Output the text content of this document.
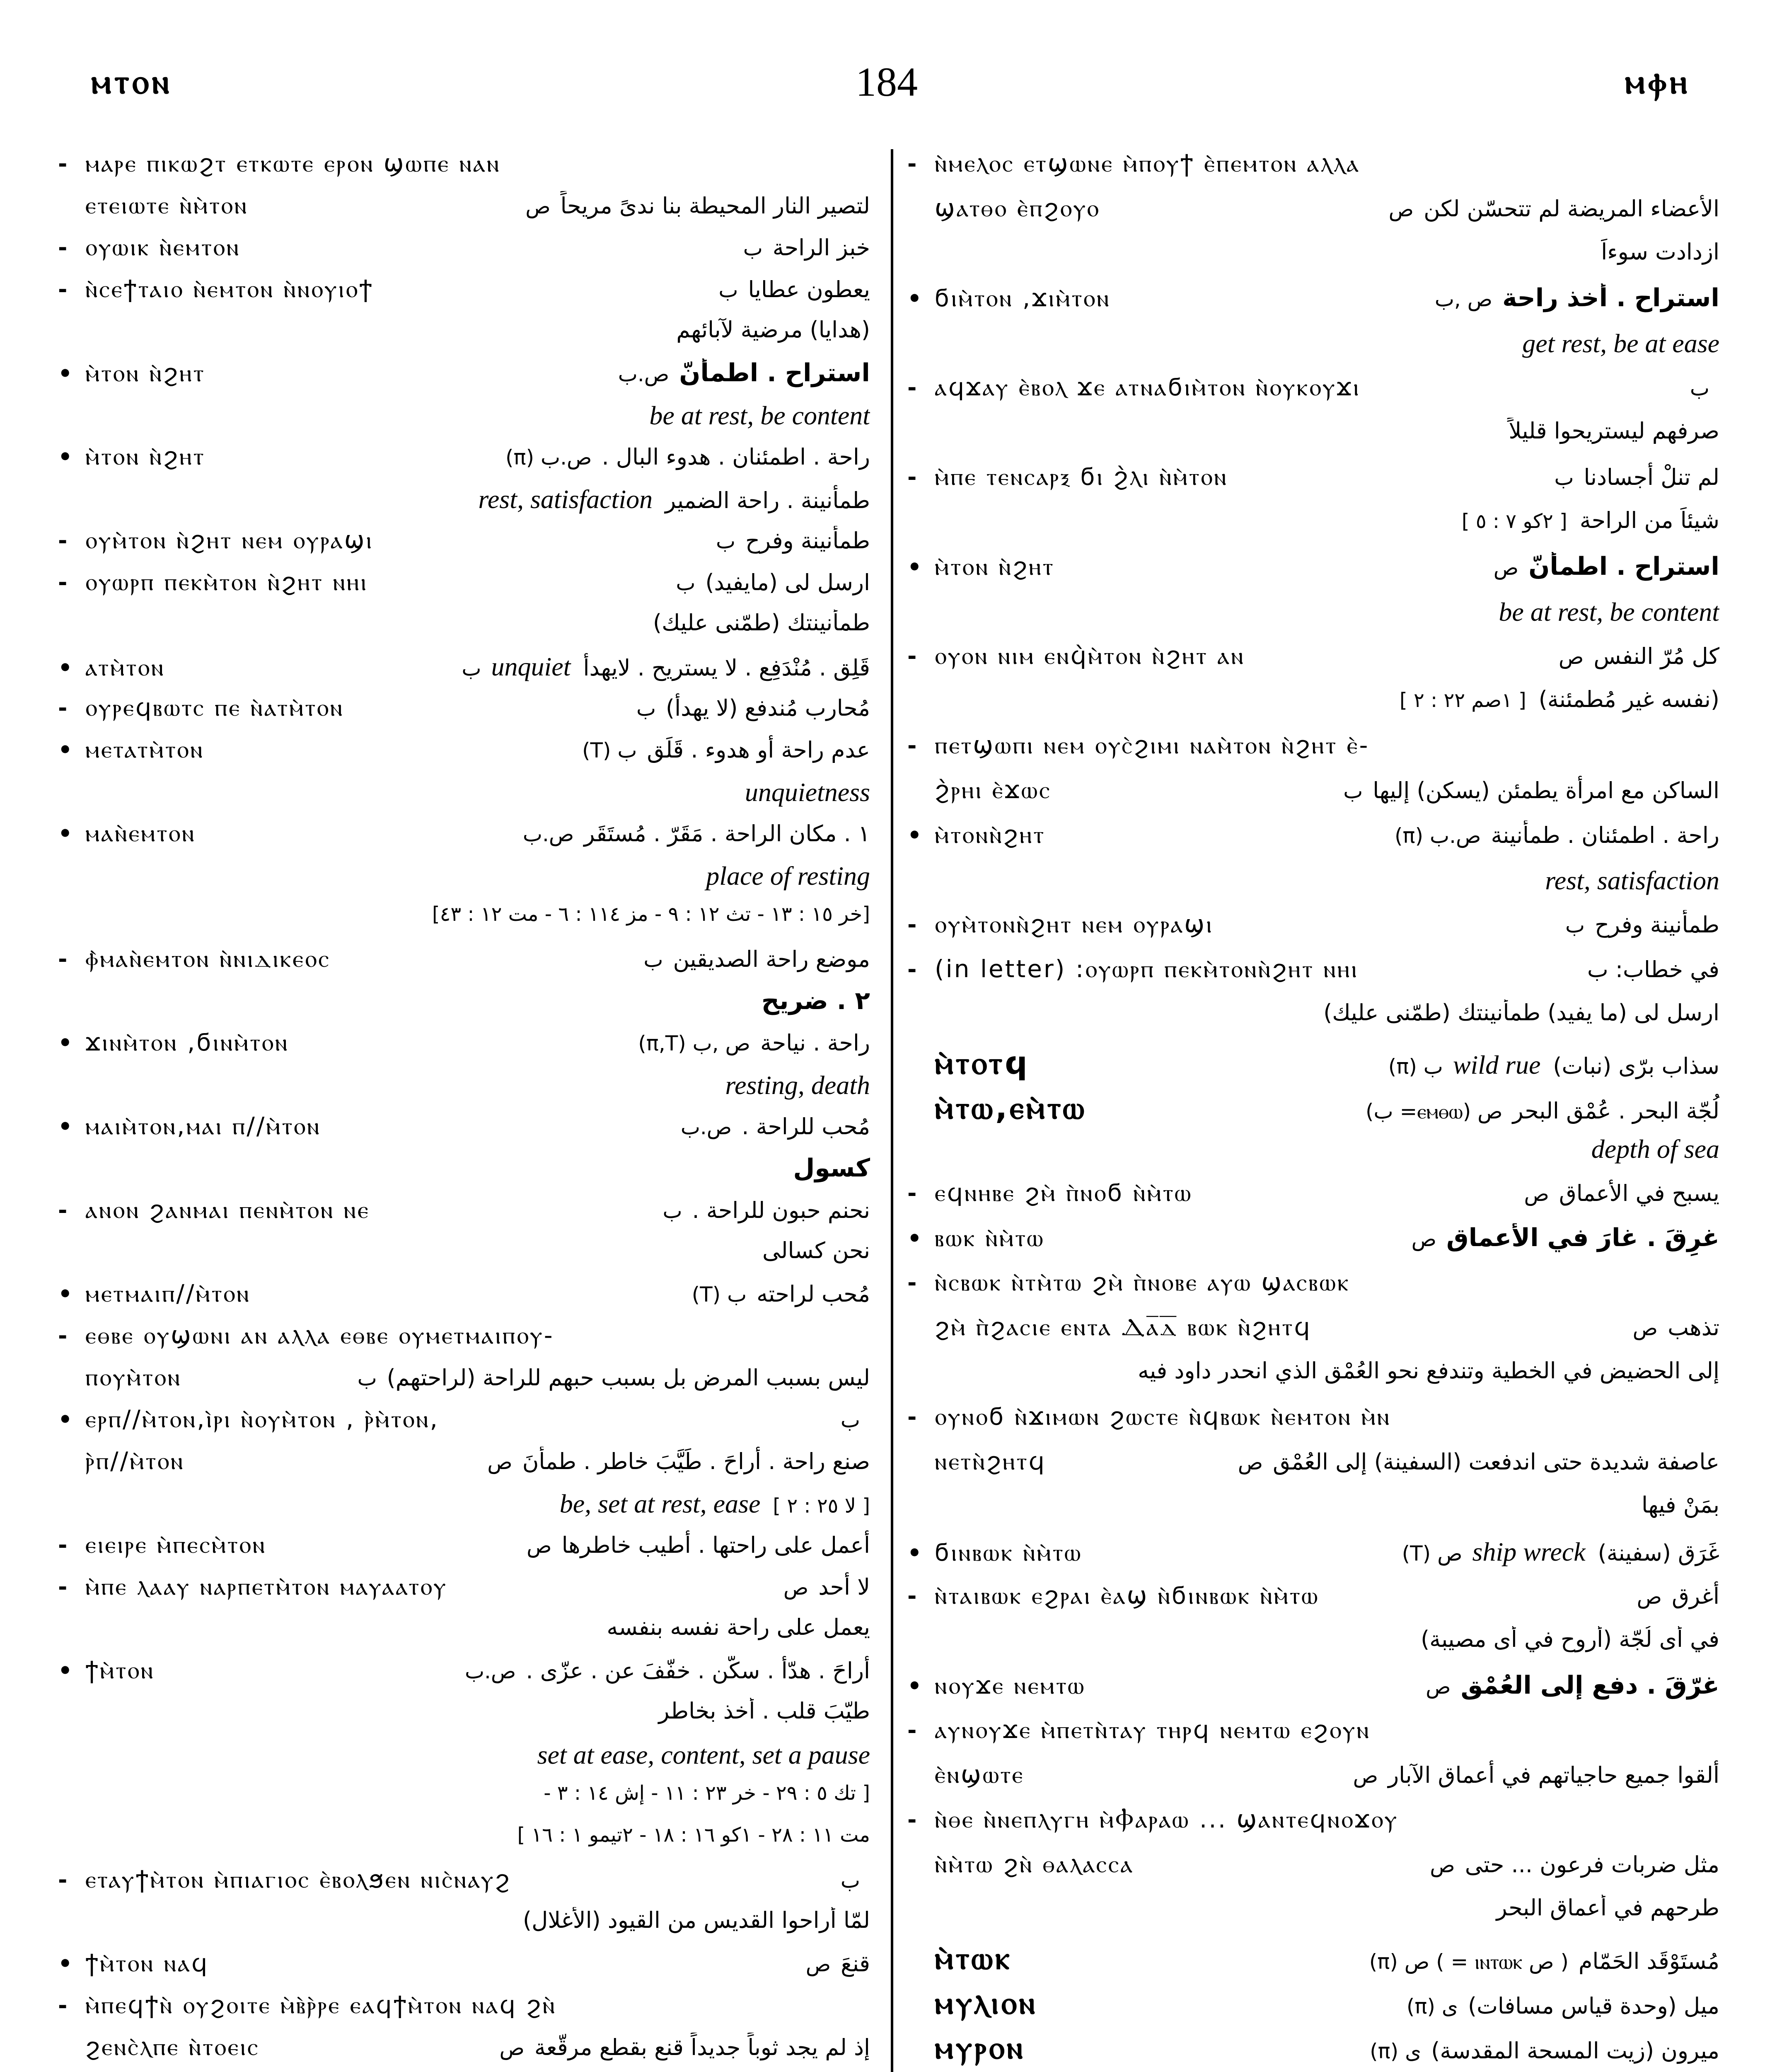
ⲙⲧⲟⲛ	184	ⲙⲫⲏ
- ⲙⲁⲣⲉ ⲡⲓⲕⲱϩⲧ ⲉⲧⲕⲱⲧⲉ ⲉⲣⲟⲛ ϣⲱⲡⲉ ⲛⲁⲛ
ⲉⲧⲉⲓⲱⲧⲉ ⲛ̀ⲙ̀ⲧⲟⲛ	ص لتصير النار المحيطة بنا ندىً مريحاً
- ⲟⲩⲱⲓⲕ ⲛ̀ⲉⲙⲧⲟⲛ	ب خبز الراحة
- ⲛ̀ⲥⲉϯⲧⲁⲓⲟ ⲛ̀ⲉⲙⲧⲟⲛ ⲛ̀ⲛⲟⲩⲓⲟϯ	ب يعطون عطايا
(هدايا) مرضية لآبائهم
• ⲙ̀ⲧⲟⲛ ⲛ̀ϩⲏⲧ	ص.ب استراح . اطمأنّ
be at rest, be content
• ⲙ̀ⲧⲟⲛ ⲛ̀ϩⲏⲧ	(π) ص.ب راحة . اطمئنان . هدوء البال .
rest, satisfaction طمأنينة . راحة الضمير
- ⲟⲩⲙ̀ⲧⲟⲛ ⲛ̀ϩⲏⲧ ⲛⲉⲙ ⲟⲩⲣⲁϣⲓ	ب طمأنينة وفرح
- ⲟⲩⲱⲣⲡ ⲡⲉⲕⲙ̀ⲧⲟⲛ ⲛ̀ϩⲏⲧ ⲛⲏⲓ	ب ارسل لى (مايفيد)
طمأنينتك (طمّنى عليك)
• ⲁⲧⲙ̀ⲧⲟⲛ	ب unquiet قَلِق . مُنْدَفِع . لا يستريح . لايهدأ
- ⲟⲩⲣⲉϥⲃⲱⲧⲥ ⲡⲉ ⲛ̀ⲁⲧⲙ̀ⲧⲟⲛ	ب مُحارب مُندفع (لا يهدأ)
• ⲙⲉⲧⲁⲧⲙ̀ⲧⲟⲛ	(T) ب عدم راحة أو هدوء . قَلَق
unquietness
• ⲙⲁⲛ̀ⲉⲙⲧⲟⲛ	ص.ب ١ . مكان الراحة . مَقَرّ . مُستَقَر
place of resting
[خر ١٥ : ١٣ - تث ١٢ : ٩ - مز ١١٤ : ٦ - مت ١٢ : ٤٣]
- ⲫ̀ⲙⲁⲛ̀ⲉⲙⲧⲟⲛ ⲛ̀ⲛⲓⲇⲓⲕⲉⲟⲥ	ب موضع راحة الصديقين
٢ . ضريح
• ϫⲓⲛⲙ̀ⲧⲟⲛ ,ϭⲓⲛⲙ̀ⲧⲟⲛ	(π,T) ص ,ب راحة . نياحة
resting, death
• ⲙⲁⲓⲙ̀ⲧⲟⲛ,ⲙⲁⲓ ⲡ//ⲙ̀ⲧⲟⲛ	ص.ب مُحب للراحة .
كسول
- ⲁⲛⲟⲛ ϩⲁⲛⲙⲁⲓ ⲡⲉⲛⲙ̀ⲧⲟⲛ ⲛⲉ	ب نحنم حبون للراحة .
نحن كسالى
• ⲙⲉⲧⲙⲁⲓⲡ//ⲙ̀ⲧⲟⲛ	(T) ب مُحب لراحته
- ⲉⲑⲃⲉ ⲟⲩϣⲱⲛⲓ ⲁⲛ ⲁⲗⲗⲁ ⲉⲑⲃⲉ ⲟⲩⲙⲉⲧⲙⲁⲓⲡⲟⲩ-
ⲡⲟⲩⲙ̀ⲧⲟⲛ	ب ليس بسبب المرض بل بسبب حبهم للراحة (لراحتهم)
• ⲉⲣⲡ//ⲙ̀ⲧⲟⲛ,ⲓ̀ⲣⲓ ⲛ̀ⲟⲩⲙ̀ⲧⲟⲛ , ⲣ̀ⲙ̀ⲧⲟⲛ,	ب
ⲣ̀ⲡ//ⲙ̀ⲧⲟⲛ	ص صنع راحة . أراحَ . طَيَّبَ خاطر . طمأنَ
be, set at rest, ease [ لا ٢٥ : ٢ ]
- ⲉⲓⲉⲓⲣⲉ ⲙ̀ⲡⲉⲥⲙ̀ⲧⲟⲛ	ص أعمل على راحتها . أطيب خاطرها
- ⲙ̀ⲡⲉ ⲗⲁⲁⲩ ⲛⲁⲣⲡⲉⲧⲙ̀ⲧⲟⲛ ⲙⲁⲩⲁⲁⲧⲟⲩ	ص لا أحد
يعمل على راحة نفسه بنفسه
• ϯⲙ̀ⲧⲟⲛ	ص.ب أراحَ . هدّأ . سكّن . خفّفَ عن . عزّى .
طيّبَ قلب . أخذ بخاطر
set at ease, content, set a pause
[ تك ٥ : ٢٩ - خر ٢٣ : ١١ - إش ١٤ : ٣ -
مت ١١ : ٢٨ - ١كو ١٦ : ١٨ - ٢تيمو ١ : ١٦ ]
- ⲉⲧⲁⲩϯⲙ̀ⲧⲟⲛ ⲙ̀ⲡⲓⲁⲅⲓⲟⲥ ⲉ̀ⲃⲟⲗϧⲉⲛ ⲛⲓⲥ̀ⲛⲁⲩϩ	ب
لمّا أراحوا القديس من القيود (الأغلال)
• ϯⲙ̀ⲧⲟⲛ ⲛⲁϥ	ص قنعَ
- ⲙ̀ⲡⲉϥϯⲛ̀ ⲟⲩϩⲟⲓⲧⲉ ⲙ̀ⲃ̀ⲣ̀ⲣⲉ ⲉⲁϥϯⲙ̀ⲧⲟⲛ ⲛⲁϥ ϩⲛ̀
ϩⲉⲛⲥ̀ⲗⲡⲉ ⲛ̀ⲧⲟⲉⲓⲥ	ص إذ لم يجد ثوباً جديداً قنع بقطع مرقّعة
- ⲛ̀ⲙⲉⲗⲟⲥ ⲉⲧϣⲱⲛⲉ ⲙ̀ⲡⲟⲩϯ ⲉ̀ⲡⲉⲙⲧⲟⲛ ⲁⲗⲗⲁ
ϣⲁⲧⲑⲟ ⲉ̀ⲡϩⲟⲩⲟ	ص الأعضاء المريضة لم تتحسّن لكن
ازدادت سوءاً
• ϭⲓⲙ̀ⲧⲟⲛ ,ϫⲓⲙ̀ⲧⲟⲛ	ص ,ب استراح . أخذ راحة
get rest, be at ease
- ⲁϥϫⲁⲩ ⲉ̀ⲃⲟⲗ ϫⲉ ⲁⲧⲛⲁϭⲓⲙ̀ⲧⲟⲛ ⲛ̀ⲟⲩⲕⲟⲩϫⲓ	ب
صرفهم ليستريحوا قليلاً
- ⲙ̀ⲡⲉ ⲧⲉⲛⲥⲁⲣⲝ ϭⲓ ϩ̀ⲗⲓ ⲛ̀ⲙ̀ⲧⲟⲛ	ب لم تنلْ أجسادنا
[ ٢كو ٧ : ٥ ] شيئاً من الراحة
• ⲙ̀ⲧⲟⲛ ⲛ̀ϩⲏⲧ	ص استراح . اطمأنّ
be at rest, be content
- ⲟⲩⲟⲛ ⲛⲓⲙ ⲉⲛϥ̀ⲙ̀ⲧⲟⲛ ⲛ̀ϩⲏⲧ ⲁⲛ	ص كل مُرّ النفس
[ ١صم ٢٢ : ٢ ] (نفسه غير مُطمئنة)
- ⲡⲉⲧϣⲱⲡⲓ ⲛⲉⲙ ⲟⲩⲥ̀ϩⲓⲙⲓ ⲛⲁⲙ̀ⲧⲟⲛ ⲛ̀ϩⲏⲧ ⲉ̀-
ϩ̀ⲣⲏⲓ ⲉ̀ϫⲱⲥ	ب الساكن مع امرأة يطمئن (يسكن) إليها
• ⲙ̀ⲧⲟⲛⲛ̀ϩⲏⲧ	(π) ص.ب راحة . اطمئنان . طمأنينة
rest, satisfaction
- ⲟⲩⲙ̀ⲧⲟⲛⲛ̀ϩⲏⲧ ⲛⲉⲙ ⲟⲩⲣⲁϣⲓ	ب طمأنينة وفرح
- (in letter) :ⲟⲩⲱⲣⲡ ⲡⲉⲕⲙ̀ⲧⲟⲛⲛ̀ϩⲏⲧ ⲛⲏⲓ	في خطاب: ب
ارسل لى (ما يفيد) طمأنينتك (طمّنى عليك)
ⲙ̀ⲧⲟⲧϥ	(π) ب wild rue سذاب برّى (نبات)
ⲙ̀ⲧⲱ,ⲉⲙ̀ⲧⲱ	(ب =ⲉⲙⲑⲱ) ص لُجّة البحر . عُمْق البحر
depth of sea
- ⲉϥⲛⲏⲃⲉ ϩⲙ̀ ⲡ̀ⲛⲟϭ ⲛ̀ⲙ̀ⲧⲱ	ص يسبح في الأعماق
• ⲃⲱⲕ ⲛ̀ⲙ̀ⲧⲱ	ص غرِقَ . غارَ في الأعماق
- ⲛ̀ⲥⲃⲱⲕ ⲛ̀ⲧⲙ̀ⲧⲱ ϩⲙ̀ ⲡ̀ⲛⲟⲃⲉ ⲁⲩⲱ ϣⲁⲥⲃⲱⲕ
ϩⲙ̀ ⲡ̀ϩⲁⲥⲓⲉ ⲉⲛⲧⲁ Ⲇⲁ̅ⲇ̅ ⲃⲱⲕ ⲛ̀ϩⲏⲧϥ	ص تذهب
إلى الحضيض في الخطية وتندفع نحو العُمْق الذي انحدر داود فيه
- ⲟⲩⲛⲟϭ ⲛ̀ϫⲓⲙⲱⲛ ϩⲱⲥⲧⲉ ⲛ̀ϥⲃⲱⲕ ⲛ̀ⲉⲙⲧⲟⲛ ⲙ̀ⲛ
ⲛⲉⲧⲛ̀ϩⲏⲧϥ	ص عاصفة شديدة حتى اندفعت (السفينة) إلى العُمْق
بمَنْ فيها
• ϭⲓⲛⲃⲱⲕ ⲛ̀ⲙ̀ⲧⲱ	(T) ص ship wreck غَرَق (سفينة)
- ⲛ̀ⲧⲁⲓⲃⲱⲕ ⲉϩⲣⲁⲓ ⲉ̀ⲁϣ ⲛ̀ϭⲓⲛⲃⲱⲕ ⲛ̀ⲙ̀ⲧⲱ	ص أغرق
في أى لُجّة (أروح في أى مصيبة)
• ⲛⲟⲩϫⲉ ⲛⲉⲙⲧⲱ	ص غرّقَ . دفع إلى العُمْق
- ⲁⲩⲛⲟⲩϫⲉ ⲙ̀ⲡⲉⲧⲛ̀ⲧⲁⲩ ⲧⲏⲣϥ ⲛⲉⲙⲧⲱ ⲉϩⲟⲩⲛ
ⲉ̀ⲛϣⲱⲧⲉ	ص ألقوا جميع حاجياتهم في أعماق الآبار
- ⲛ̀ⲑⲉ ⲛ̀ⲛⲉⲡⲗⲩⲅⲏ ⲙ̀Ⲫⲁⲣⲁⲱ ... ϣⲁⲛⲧⲉϥⲛⲟϫⲟⲩ
ⲛ̀ⲙ̀ⲧⲱ ϩⲛ̀ ⲑⲁⲗⲁⲥⲥⲁ	ص مثل ضربات فرعون ... حتى
طرحهم في أعماق البحر
ⲙ̀ⲧⲱⲕ	(π) ص ( = ⲓⲛⲧⲱⲕ ص ) مُستَوْقَد الحَمّام
ⲙⲩⲗⲓⲟⲛ	(π) ى ميل (وحدة قياس مسافات)
ⲙⲩⲣⲟⲛ	(π) ى ميرون (زيت المسحة المقدسة)
